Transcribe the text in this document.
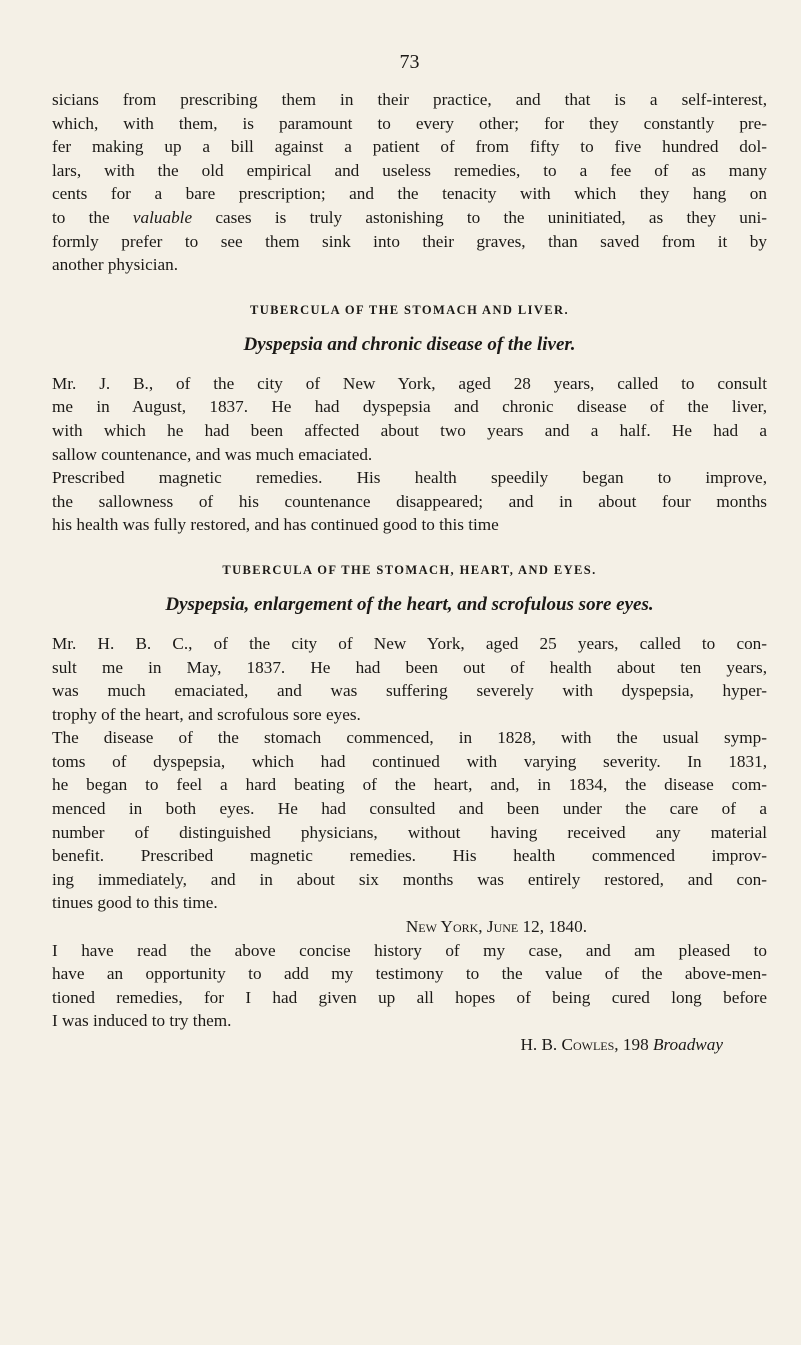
73
sicians from prescribing them in their practice, and that is a self-interest,
which, with them, is paramount to every other; for they constantly pre-
fer making up a bill against a patient of from fifty to five hundred dol-
lars, with the old empirical and useless remedies, to a fee of as many
cents for a bare prescription; and the tenacity with which they hang on
to the valuable cases is truly astonishing to the uninitiated, as they uni-
formly prefer to see them sink into their graves, than saved from it by
another physician.
TUBERCULA OF THE STOMACH AND LIVER.
Dyspepsia and chronic disease of the liver.
Mr. J. B., of the city of New York, aged 28 years, called to consult
me in August, 1837. He had dyspepsia and chronic disease of the liver,
with which he had been affected about two years and a half. He had a
sallow countenance, and was much emaciated.
Prescribed magnetic remedies. His health speedily began to improve,
the sallowness of his countenance disappeared; and in about four months
his health was fully restored, and has continued good to this time
TUBERCULA OF THE STOMACH, HEART, AND EYES.
Dyspepsia, enlargement of the heart, and scrofulous sore eyes.
Mr. H. B. C., of the city of New York, aged 25 years, called to con-
sult me in May, 1837. He had been out of health about ten years,
was much emaciated, and was suffering severely with dyspepsia, hyper-
trophy of the heart, and scrofulous sore eyes.
The disease of the stomach commenced, in 1828, with the usual symp-
toms of dyspepsia, which had continued with varying severity. In 1831,
he began to feel a hard beating of the heart, and, in 1834, the disease com-
menced in both eyes. He had consulted and been under the care of a
number of distinguished physicians, without having received any material
benefit. Prescribed magnetic remedies. His health commenced improv-
ing immediately, and in about six months was entirely restored, and con-
tinues good to this time.
New York, June 12, 1840.
I have read the above concise history of my case, and am pleased to
have an opportunity to add my testimony to the value of the above-men-
tioned remedies, for I had given up all hopes of being cured long before
I was induced to try them.
H. B. Cowles, 198 Broadway
